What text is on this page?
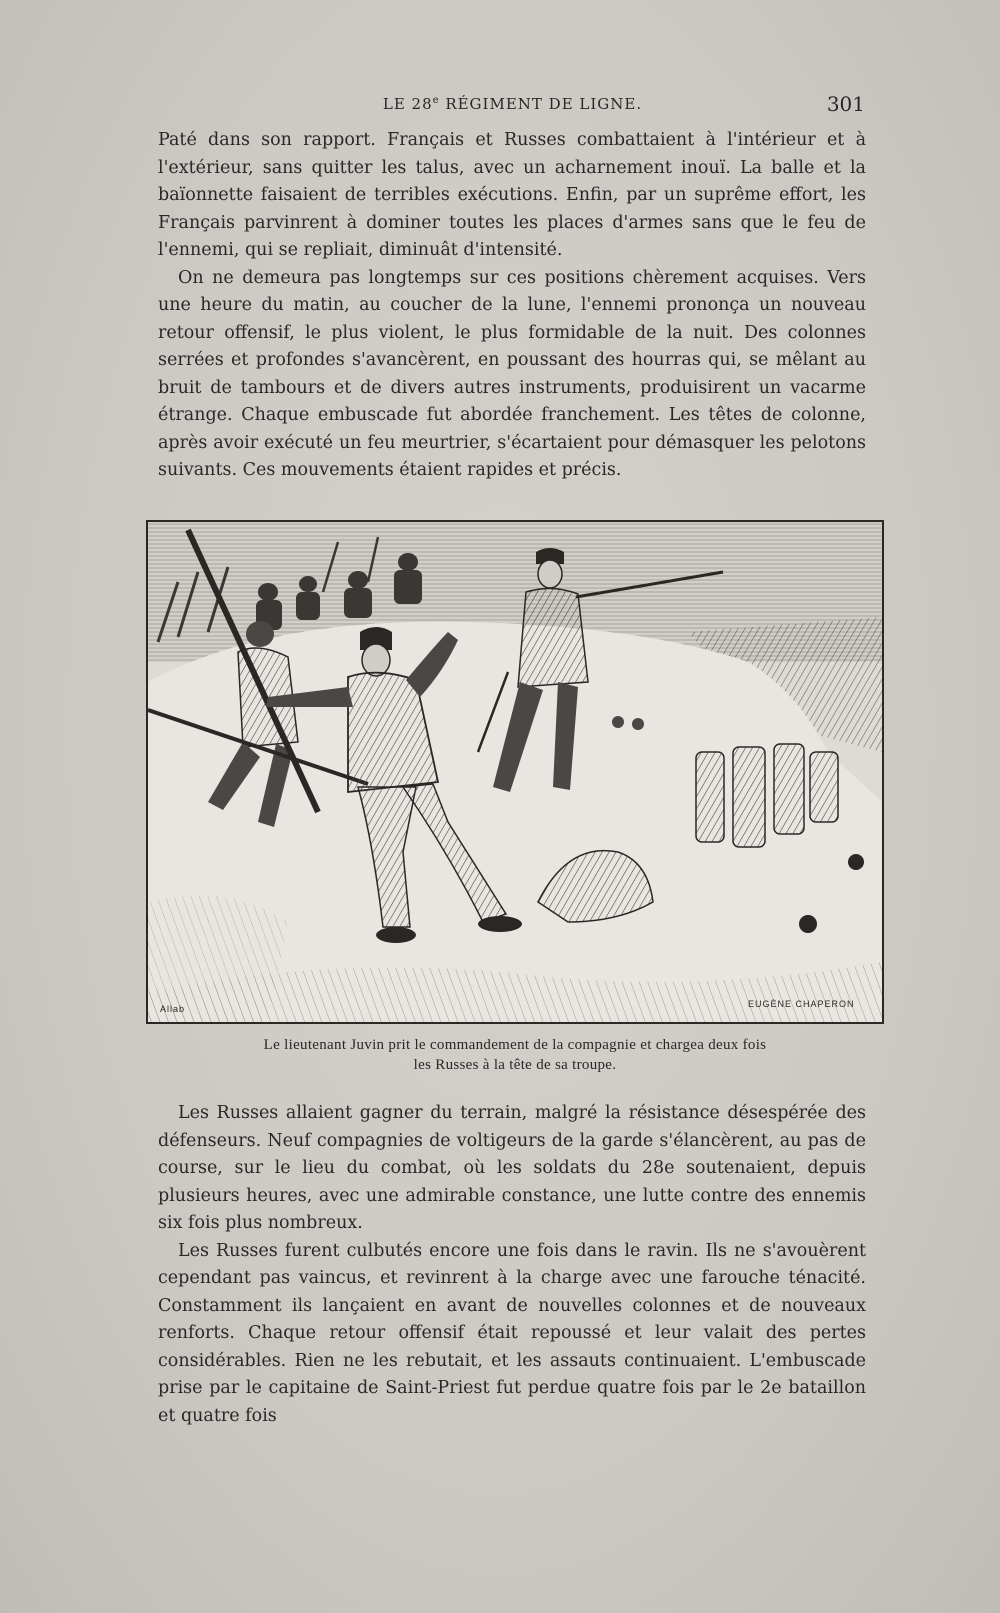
LE 28e RÉGIMENT DE LIGNE.	301

Paté dans son rapport. Français et Russes combattaient à l'intérieur et à l'extérieur, sans quitter les talus, avec un acharnement inouï. La balle et la baïonnette faisaient de terribles exécutions. Enfin, par un suprême effort, les Français parvinrent à dominer toutes les places d'armes sans que le feu de l'ennemi, qui se repliait, diminuât d'intensité.

On ne demeura pas longtemps sur ces positions chèrement acquises. Vers une heure du matin, au coucher de la lune, l'ennemi prononça un nouveau retour offensif, le plus violent, le plus formidable de la nuit. Des colonnes serrées et profondes s'avancèrent, en poussant des hourras qui, se mêlant au bruit de tambours et de divers autres instruments, produisirent un vacarme étrange. Chaque embuscade fut abordée franchement. Les têtes de colonne, après avoir exécuté un feu meurtrier, s'écartaient pour démasquer les pelotons suivants. Ces mouvements étaient rapides et précis.

Allab	EUGÈNE CHAPERON
Le lieutenant Juvin prit le commandement de la compagnie et chargea deux fois
les Russes à la tête de sa troupe.

Les Russes allaient gagner du terrain, malgré la résistance désespérée des défenseurs. Neuf compagnies de voltigeurs de la garde s'élancèrent, au pas de course, sur le lieu du combat, où les soldats du 28e soutenaient, depuis plusieurs heures, avec une admirable constance, une lutte contre des ennemis six fois plus nombreux.

Les Russes furent culbutés encore une fois dans le ravin. Ils ne s'avouèrent cependant pas vaincus, et revinrent à la charge avec une farouche ténacité. Constamment ils lançaient en avant de nouvelles colonnes et de nouveaux renforts. Chaque retour offensif était repoussé et leur valait des pertes considérables. Rien ne les rebutait, et les assauts continuaient. L'embuscade prise par le capitaine de Saint-Priest fut perdue quatre fois par le 2e bataillon et quatre fois
